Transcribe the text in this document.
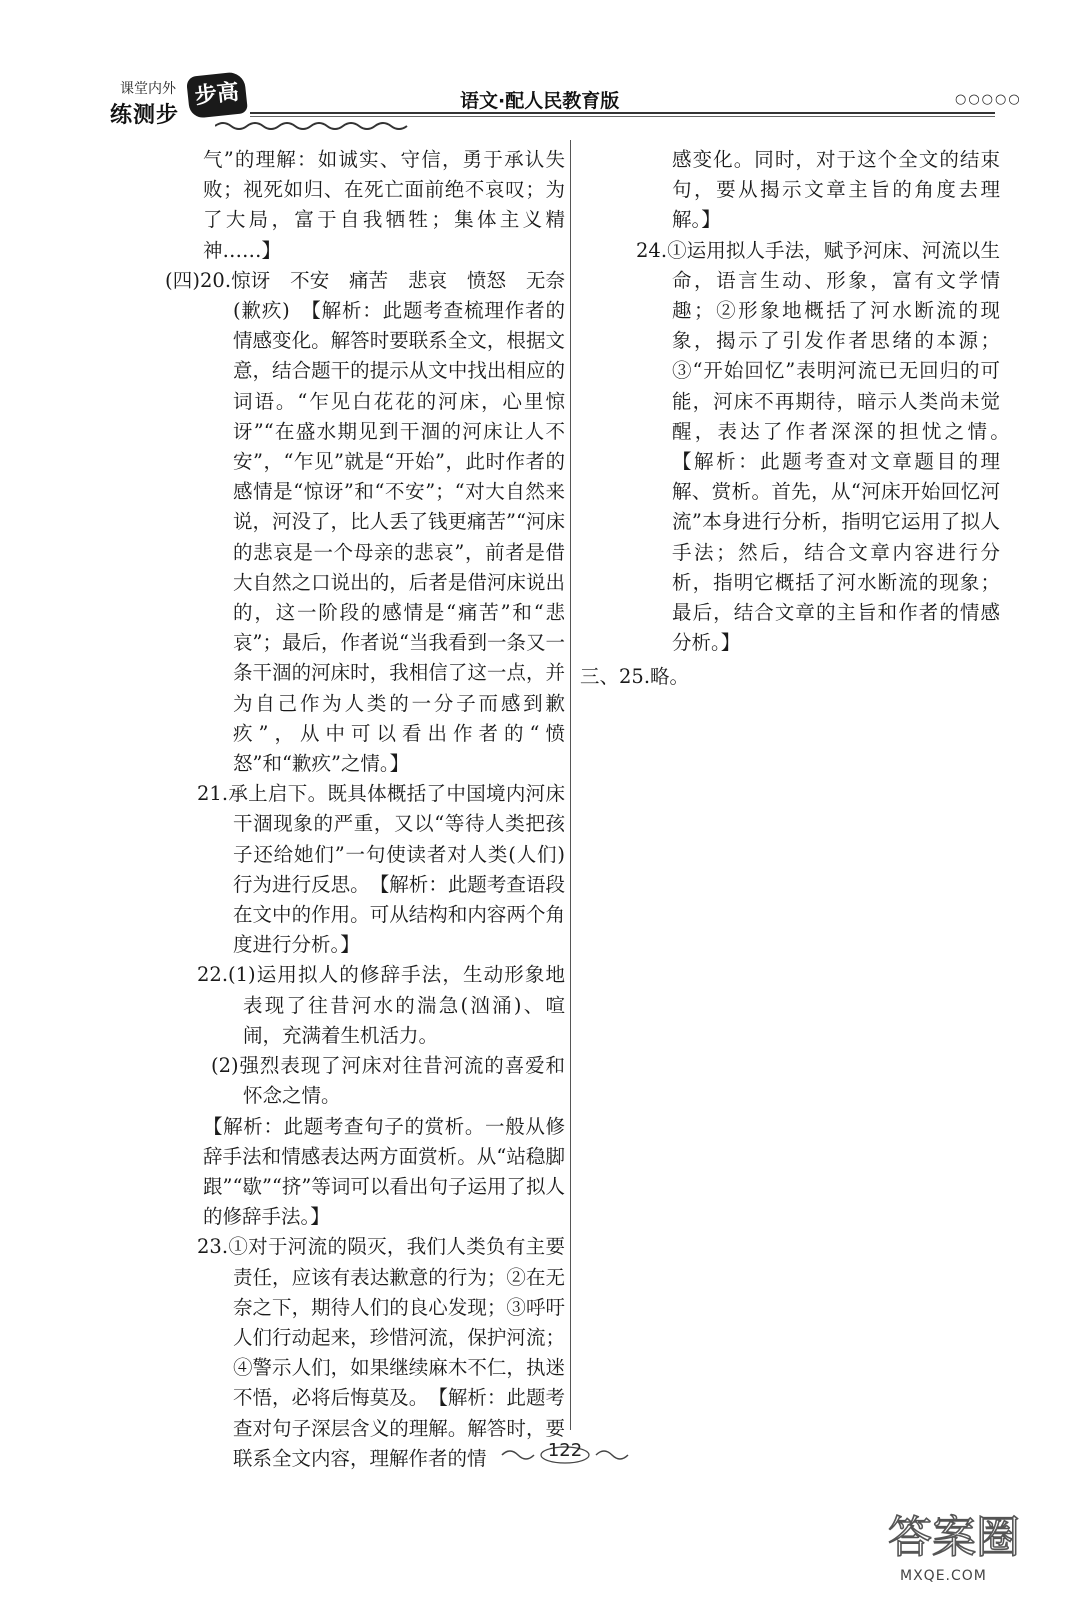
课堂内外
练测步
步高	语文·配人民教育版	○○○○○

气”的理解：如诚实、守信，勇于承认失败；视死如归、在死亡面前绝不哀叹；为了大局，富于自我牺牲；集体主义精神……】

(四)20.惊讶　不安　痛苦　悲哀　愤怒　无奈(歉疚)　【解析：此题考查梳理作者的情感变化。解答时要联系全文，根据文意，结合题干的提示从文中找出相应的词语。“乍见白花花的河床，心里惊讶”“在盛水期见到干涸的河床让人不安”，“乍见”就是“开始”，此时作者的感情是“惊讶”和“不安”；“对大自然来说，河没了，比人丢了钱更痛苦”“河床的悲哀是一个母亲的悲哀”，前者是借大自然之口说出的，后者是借河床说出的，这一阶段的感情是“痛苦”和“悲哀”；最后，作者说“当我看到一条又一条干涸的河床时，我相信了这一点，并为自己作为人类的一分子而感到歉疚”，从中可以看出作者的“愤怒”和“歉疚”之情。】

21.承上启下。既具体概括了中国境内河床干涸现象的严重，又以“等待人类把孩子还给她们”一句使读者对人类(人们)行为进行反思。　【解析：此题考查语段在文中的作用。可从结构和内容两个角度进行分析。】

22.(1)运用拟人的修辞手法，生动形象地表现了往昔河水的湍急(汹涌)、喧闹，充满着生机活力。

(2)强烈表现了河床对往昔河流的喜爱和怀念之情。

【解析：此题考查句子的赏析。一般从修辞手法和情感表达两方面赏析。从“站稳脚跟”“歇”“挤”等词可以看出句子运用了拟人的修辞手法。】

23.①对于河流的陨灭，我们人类负有主要责任，应该有表达歉意的行为；②在无奈之下，期待人们的良心发现；③呼吁人们行动起来，珍惜河流，保护河流；④警示人们，如果继续麻木不仁，执迷不悟，必将后悔莫及。　【解析：此题考查对句子深层含义的理解。解答时，要联系全文内容，理解作者的情

感变化。同时，对于这个全文的结束句，要从揭示文章主旨的角度去理解。】

24.①运用拟人手法，赋予河床、河流以生命，语言生动、形象，富有文学情趣；②形象地概括了河水断流的现象，揭示了引发作者思绪的本源；③“开始回忆”表明河流已无回归的可能，河床不再期待，暗示人类尚未觉醒，表达了作者深深的担忧之情。　【解析：此题考查对文章题目的理解、赏析。首先，从“河床开始回忆河流”本身进行分析，指明它运用了拟人手法；然后，结合文章内容进行分析，指明它概括了河水断流的现象；最后，结合文章的主旨和作者的情感分析。】

三、25.略。

122
答案圈
MXQE.COM
